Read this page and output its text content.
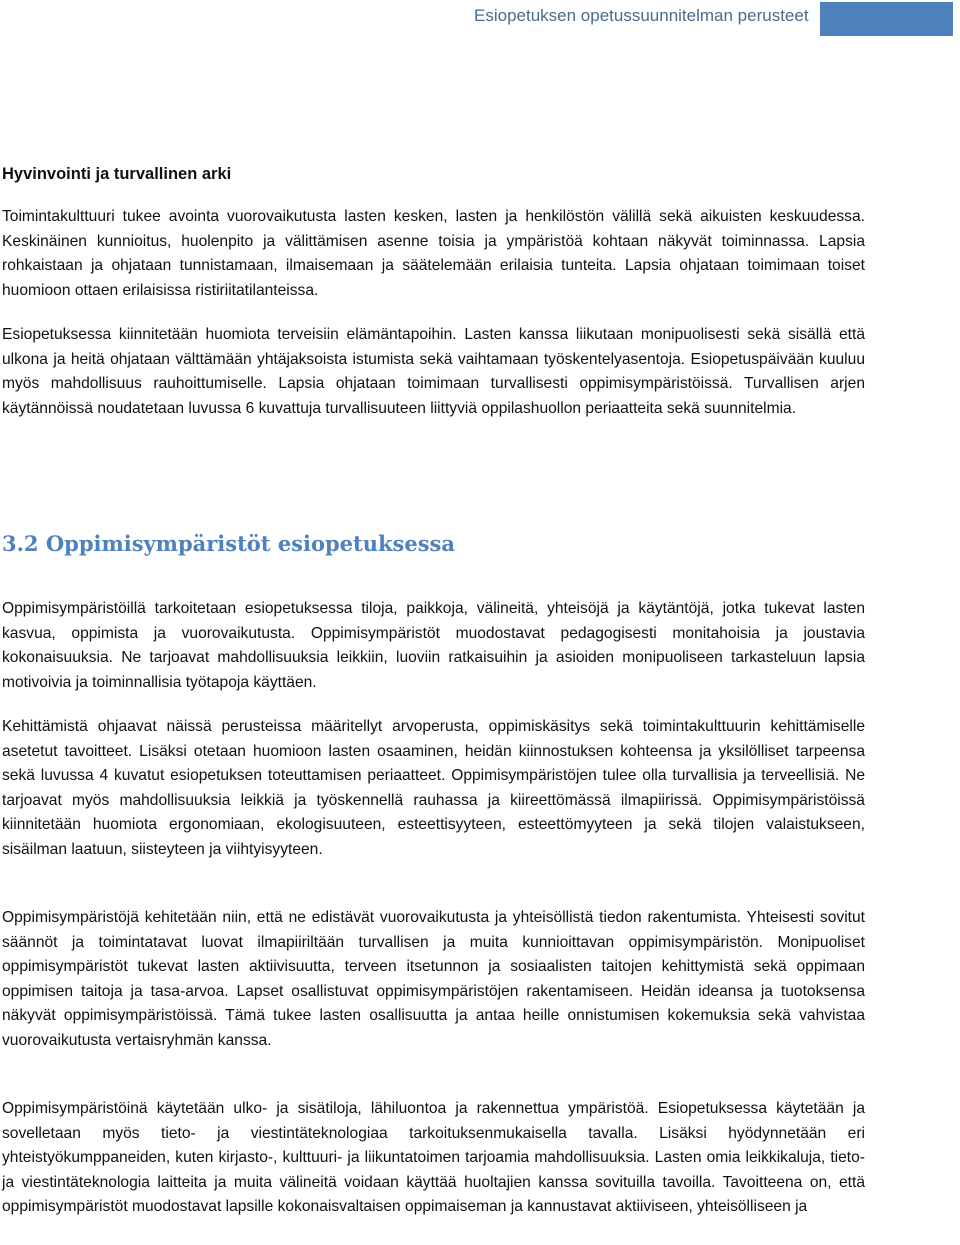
Esiopetuksen opetussuunnitelman perusteet
Hyvinvointi ja turvallinen arki

Toimintakulttuuri tukee avointa vuorovaikutusta lasten kesken, lasten ja henkilöstön välillä sekä aikuisten keskuudessa. Keskinäinen kunnioitus, huolenpito ja välittämisen asenne toisia ja ympäristöä kohtaan näkyvät toiminnassa. Lapsia rohkaistaan ja ohjataan tunnistamaan, ilmaisemaan ja säätelemään erilaisia tunteita. Lapsia ohjataan toimimaan toiset huomioon ottaen erilaisissa ristiriitatilanteissa.

Esiopetuksessa kiinnitetään huomiota terveisiin elämäntapoihin. Lasten kanssa liikutaan monipuolisesti sekä sisällä että ulkona ja heitä ohjataan välttämään yhtäjaksoista istumista sekä vaihtamaan työskentelyasentoja. Esiopetuspäivään kuuluu myös mahdollisuus rauhoittumiselle. Lapsia ohjataan toimimaan turvallisesti oppimisympäristöissä. Turvallisen arjen käytännöissä noudatetaan luvussa 6 kuvattuja turvallisuuteen liittyviä oppilashuollon periaatteita sekä suunnitelmia.

3.2 Oppimisympäristöt esiopetuksessa

Oppimisympäristöillä tarkoitetaan esiopetuksessa tiloja, paikkoja, välineitä, yhteisöjä ja käytäntöjä, jotka tukevat lasten kasvua, oppimista ja vuorovaikutusta. Oppimisympäristöt muodostavat pedagogisesti monitahoisia ja joustavia kokonaisuuksia. Ne tarjoavat mahdollisuuksia leikkiin, luoviin ratkaisuihin ja asioiden monipuoliseen tarkasteluun lapsia motivoivia ja toiminnallisia työtapoja käyttäen.

Kehittämistä ohjaavat näissä perusteissa määritellyt arvoperusta, oppimiskäsitys sekä toimintakulttuurin kehittämiselle asetetut tavoitteet. Lisäksi otetaan huomioon lasten osaaminen, heidän kiinnostuksen kohteensa ja yksilölliset tarpeensa sekä luvussa 4 kuvatut esiopetuksen toteuttamisen periaatteet. Oppimisympäristöjen tulee olla turvallisia ja terveellisiä. Ne tarjoavat myös mahdollisuuksia leikkiä ja työskennellä rauhassa ja kiireettömässä ilmapiirissä. Oppimisympäristöissä kiinnitetään huomiota ergonomiaan, ekologisuuteen, esteettisyyteen, esteettömyyteen ja sekä tilojen valaistukseen, sisäilman laatuun, siisteyteen ja viihtyisyyteen.

Oppimisympäristöjä kehitetään niin, että ne edistävät vuorovaikutusta ja yhteisöllistä tiedon rakentumista. Yhteisesti sovitut säännöt ja toimintatavat luovat ilmapiiriltään turvallisen ja muita kunnioittavan oppimisympäristön. Monipuoliset oppimisympäristöt tukevat lasten aktiivisuutta, terveen itsetunnon ja sosiaalisten taitojen kehittymistä sekä oppimaan oppimisen taitoja ja tasa-arvoa. Lapset osallistuvat oppimisympäristöjen rakentamiseen. Heidän ideansa ja tuotoksensa näkyvät oppimisympäristöissä. Tämä tukee lasten osallisuutta ja antaa heille onnistumisen kokemuksia sekä vahvistaa vuorovaikutusta vertaisryhmän kanssa.

Oppimisympäristöinä käytetään ulko- ja sisätiloja, lähiluontoa ja rakennettua ympäristöä. Esiopetuksessa käytetään ja sovelletaan myös tieto- ja viestintäteknologiaa tarkoituksenmukaisella tavalla. Lisäksi hyödynnetään eri yhteistyökumppaneiden, kuten kirjasto-, kulttuuri- ja liikuntatoimen tarjoamia mahdollisuuksia. Lasten omia leikkikaluja, tieto- ja viestintäteknologia laitteita ja muita välineitä voidaan käyttää huoltajien kanssa sovituilla tavoilla. Tavoitteena on, että oppimisympäristöt muodostavat lapsille kokonaisvaltaisen oppimaiseman ja kannustavat aktiiviseen, yhteisölliseen ja
